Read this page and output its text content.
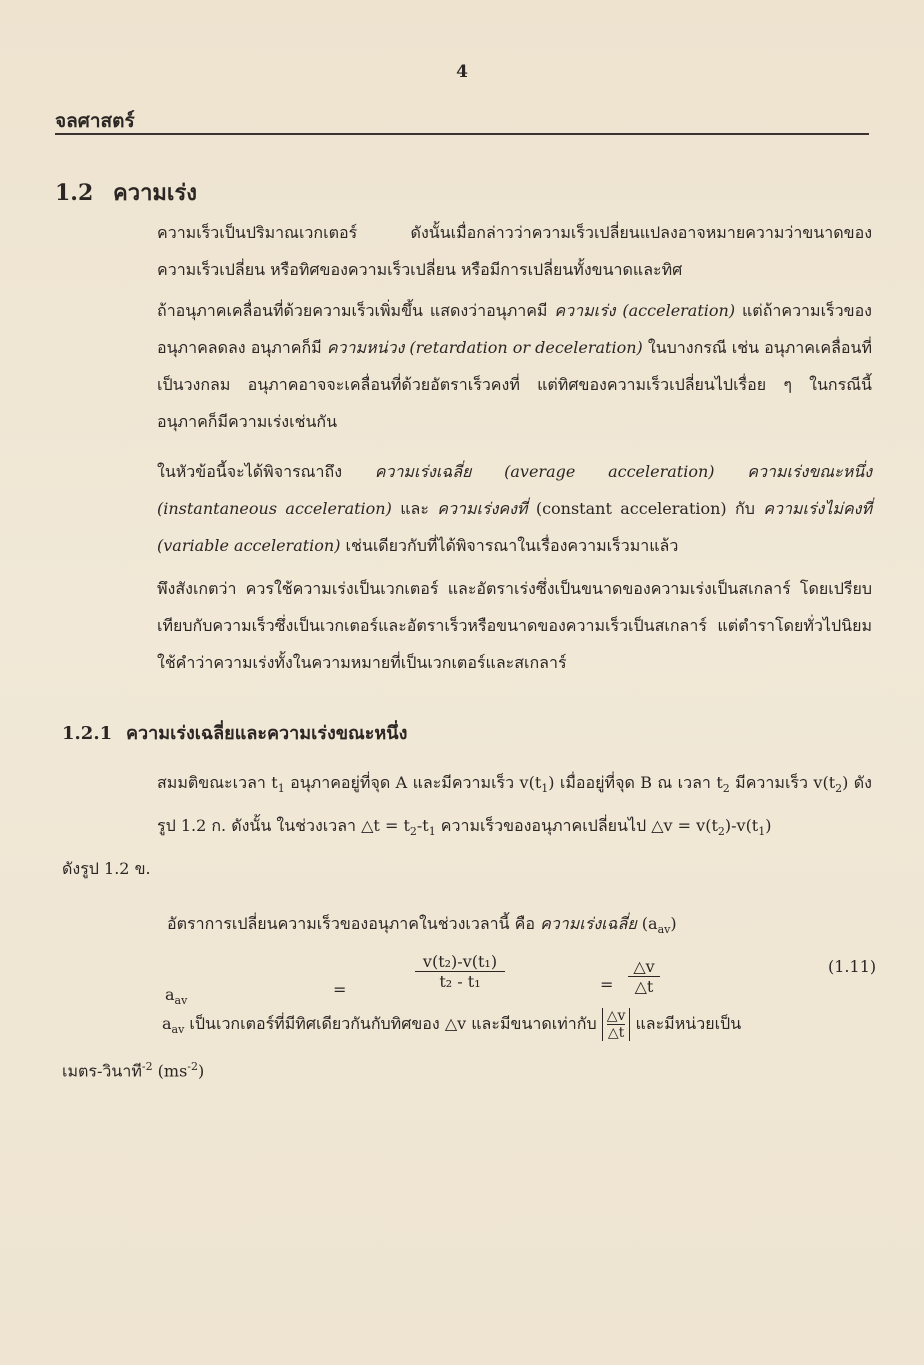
4
จลศาสตร์
1.2 ความเร่ง
ความเร็วเป็นปริมาณเวกเตอร์ ดังนั้นเมื่อกล่าวว่าความเร็วเปลี่ยนแปลงอาจหมายความว่าขนาดของความเร็วเปลี่ยน หรือทิศของความเร็วเปลี่ยน หรือมีการเปลี่ยนทั้งขนาดและทิศ
ถ้าอนุภาคเคลื่อนที่ด้วยความเร็วเพิ่มขึ้น แสดงว่าอนุภาคมี ความเร่ง (acceleration) แต่ถ้าความเร็วของอนุภาคลดลง อนุภาคก็มี ความหน่วง (retardation or deceleration) ในบางกรณี เช่น อนุภาคเคลื่อนที่เป็นวงกลม อนุภาคอาจจะเคลื่อนที่ด้วยอัตราเร็วคงที่ แต่ทิศของความเร็วเปลี่ยนไปเรื่อย ๆ ในกรณีนี้อนุภาคก็มีความเร่งเช่นกัน
ในหัวข้อนี้จะได้พิจารณาถึง ความเร่งเฉลี่ย (average acceleration) ความเร่งขณะหนึ่ง (instantaneous acceleration) และ ความเร่งคงที่ (constant acceleration) กับ ความเร่งไม่คงที่ (variable acceleration) เช่นเดียวกับที่ได้พิจารณาในเรื่องความเร็วมาแล้ว
พึงสังเกตว่า ควรใช้ความเร่งเป็นเวกเตอร์ และอัตราเร่งซึ่งเป็นขนาดของความเร่งเป็นสเกลาร์ โดยเปรียบเทียบกับความเร็วซึ่งเป็นเวกเตอร์และอัตราเร็วหรือขนาดของความเร็วเป็นสเกลาร์ แต่ตำราโดยทั่วไปนิยมใช้คำว่าความเร่งทั้งในความหมายที่เป็นเวกเตอร์และสเกลาร์
1.2.1 ความเร่งเฉลี่ยและความเร่งขณะหนึ่ง
สมมติขณะเวลา $t_1$ อนุภาคอยู่ที่จุด A และมีความเร็ว $v(t_1)$ เมื่ออยู่ที่จุด B ณ เวลา $t_2$ มีความเร็ว $v(t_2)$ ดังรูป 1.2 ก. ดังนั้น ในช่วงเวลา △t = $t_2-t_1$ ความเร็วของอนุภาคเปลี่ยนไป △v = $v(t_2)-v(t_1)$
ดังรูป 1.2 ข.
อัตราการเปลี่ยนความเร็วของอนุภาคในช่วงเวลานี้ คือ ความเร่งเฉลี่ย $(a_{av})$
$a_{av}$
=
v(t₂)-v(t₁)
t₂ - t₁	=
△v
△t
(1.11)
$a_{av}$ เป็นเวกเตอร์ที่มีทิศเดียวกันกับทิศของ △v และมีขนาดเท่ากับ $\frac{\triangle v}{\triangle t}$ และมีหน่วยเป็น
เมตร-วินาที$^{-2}$ $(ms^{-2})$
